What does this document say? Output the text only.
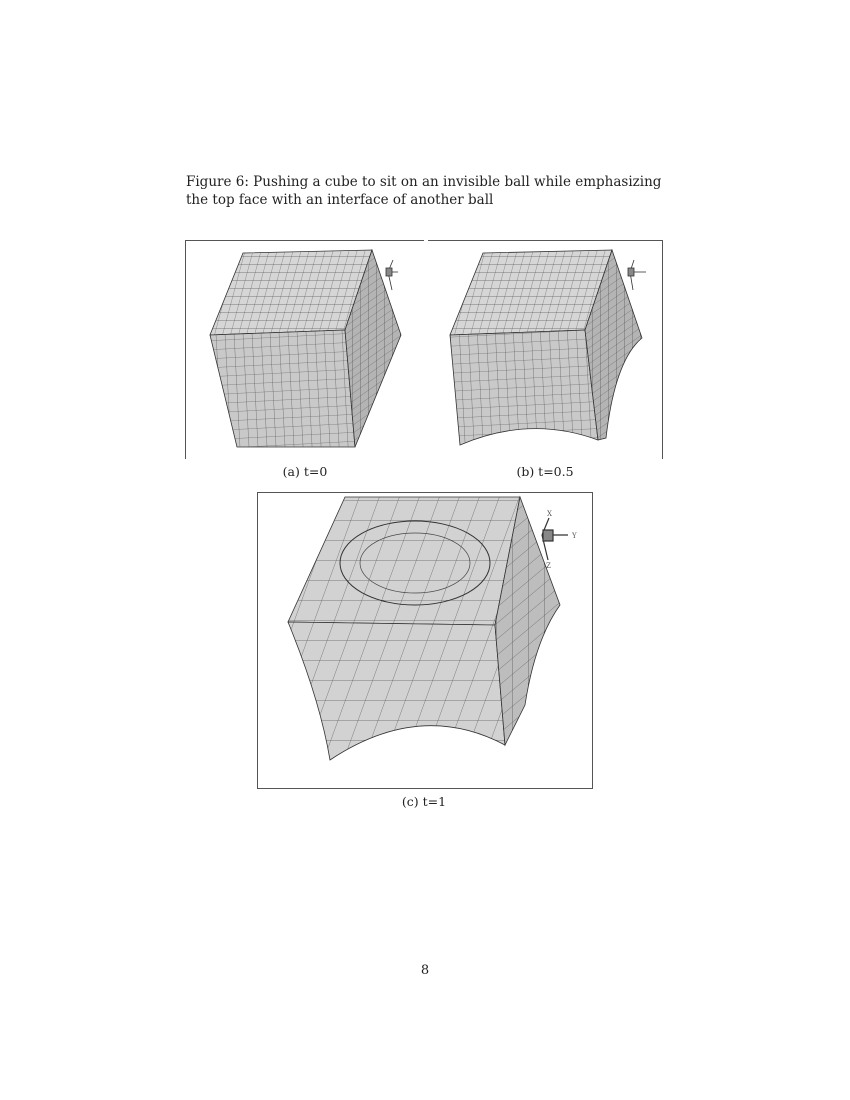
Figure 6: Pushing a cube to sit on an invisible ball while emphasizing the top face with an interface of another ball
X
Y
Z
(a) t=0	(b) t=0.5
(c) t=1
8
